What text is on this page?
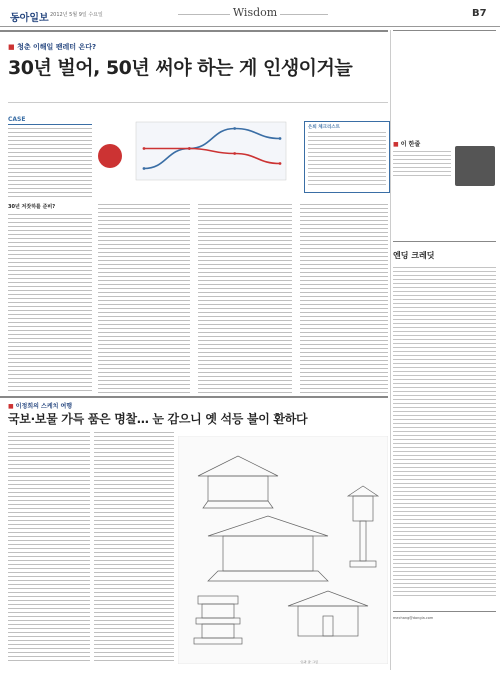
동아일보 2012년 5월 9일 수요일	Wisdom	B7
■ 청춘 이해일 팬레터 온다?
30년 벌어, 50년 써야 하는 게 인생이거늘
CASE
30년 저잣하를 준비?
은퇴 체크리스트
■ 이정희의 스케치 여행
국보·보물 가득 품은 명찰… 눈 감으니 옛 석등 불이 환하다
'돈과 걸' 그림
■ 이 한줄
엔딩 크레딧
mechang@dongla.com
